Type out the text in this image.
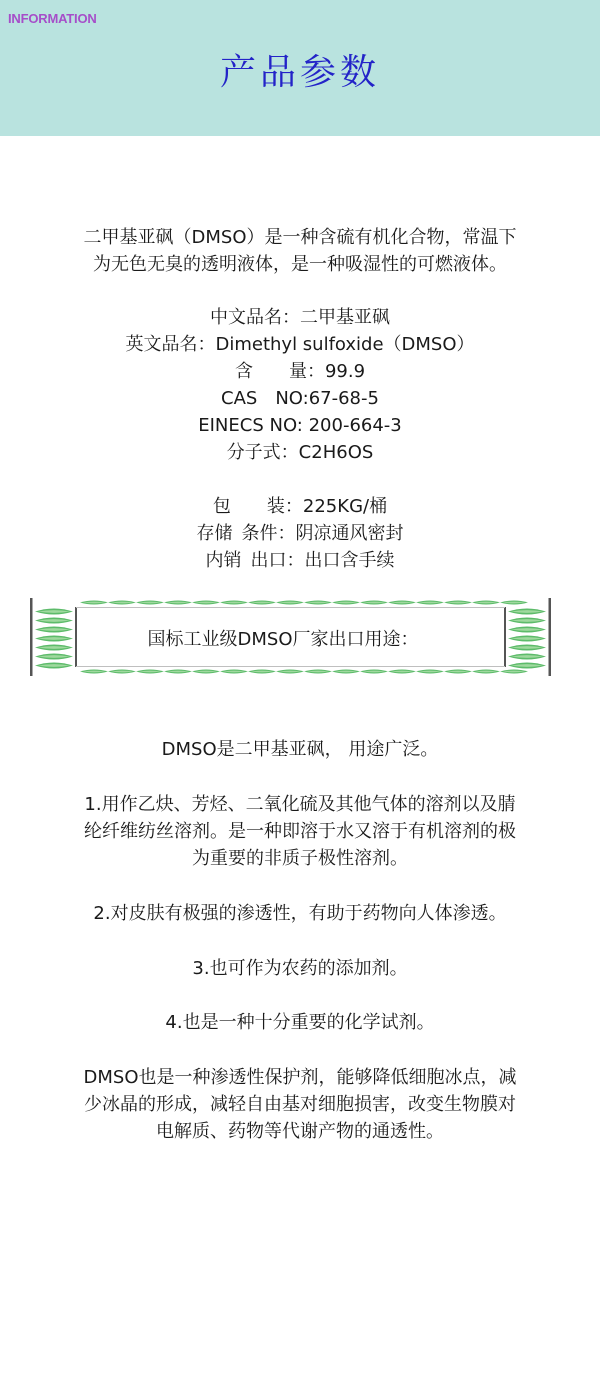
INFORMATION
产品参数
二甲基亚砜（DMSO）是一种含硫有机化合物，常温下
为无色无臭的透明液体，是一种吸湿性的可燃液体。
中文品名：二甲基亚砜
英文品名：Dimethyl sulfoxide（DMSO）
含  量：99.9
CAS NO:67-68-5
EINECS NO: 200-664-3
分子式：C2H6OS
包  装：225KG/桶
存储 条件：阴凉通风密封
内销 出口：出口含手续
国标工业级DMSO厂家出口用途：
DMSO是二甲基亚砜， 用途广泛。
1.用作乙炔、芳烃、二氧化硫及其他气体的溶剂以及腈
纶纤维纺丝溶剂。是一种即溶于水又溶于有机溶剂的极
为重要的非质子极性溶剂。
2.对皮肤有极强的渗透性，有助于药物向人体渗透。
3.也可作为农药的添加剂。
4.也是一种十分重要的化学试剂。
DMSO也是一种渗透性保护剂，能够降低细胞冰点，减
少冰晶的形成，减轻自由基对细胞损害，改变生物膜对
电解质、药物等代谢产物的通透性。
